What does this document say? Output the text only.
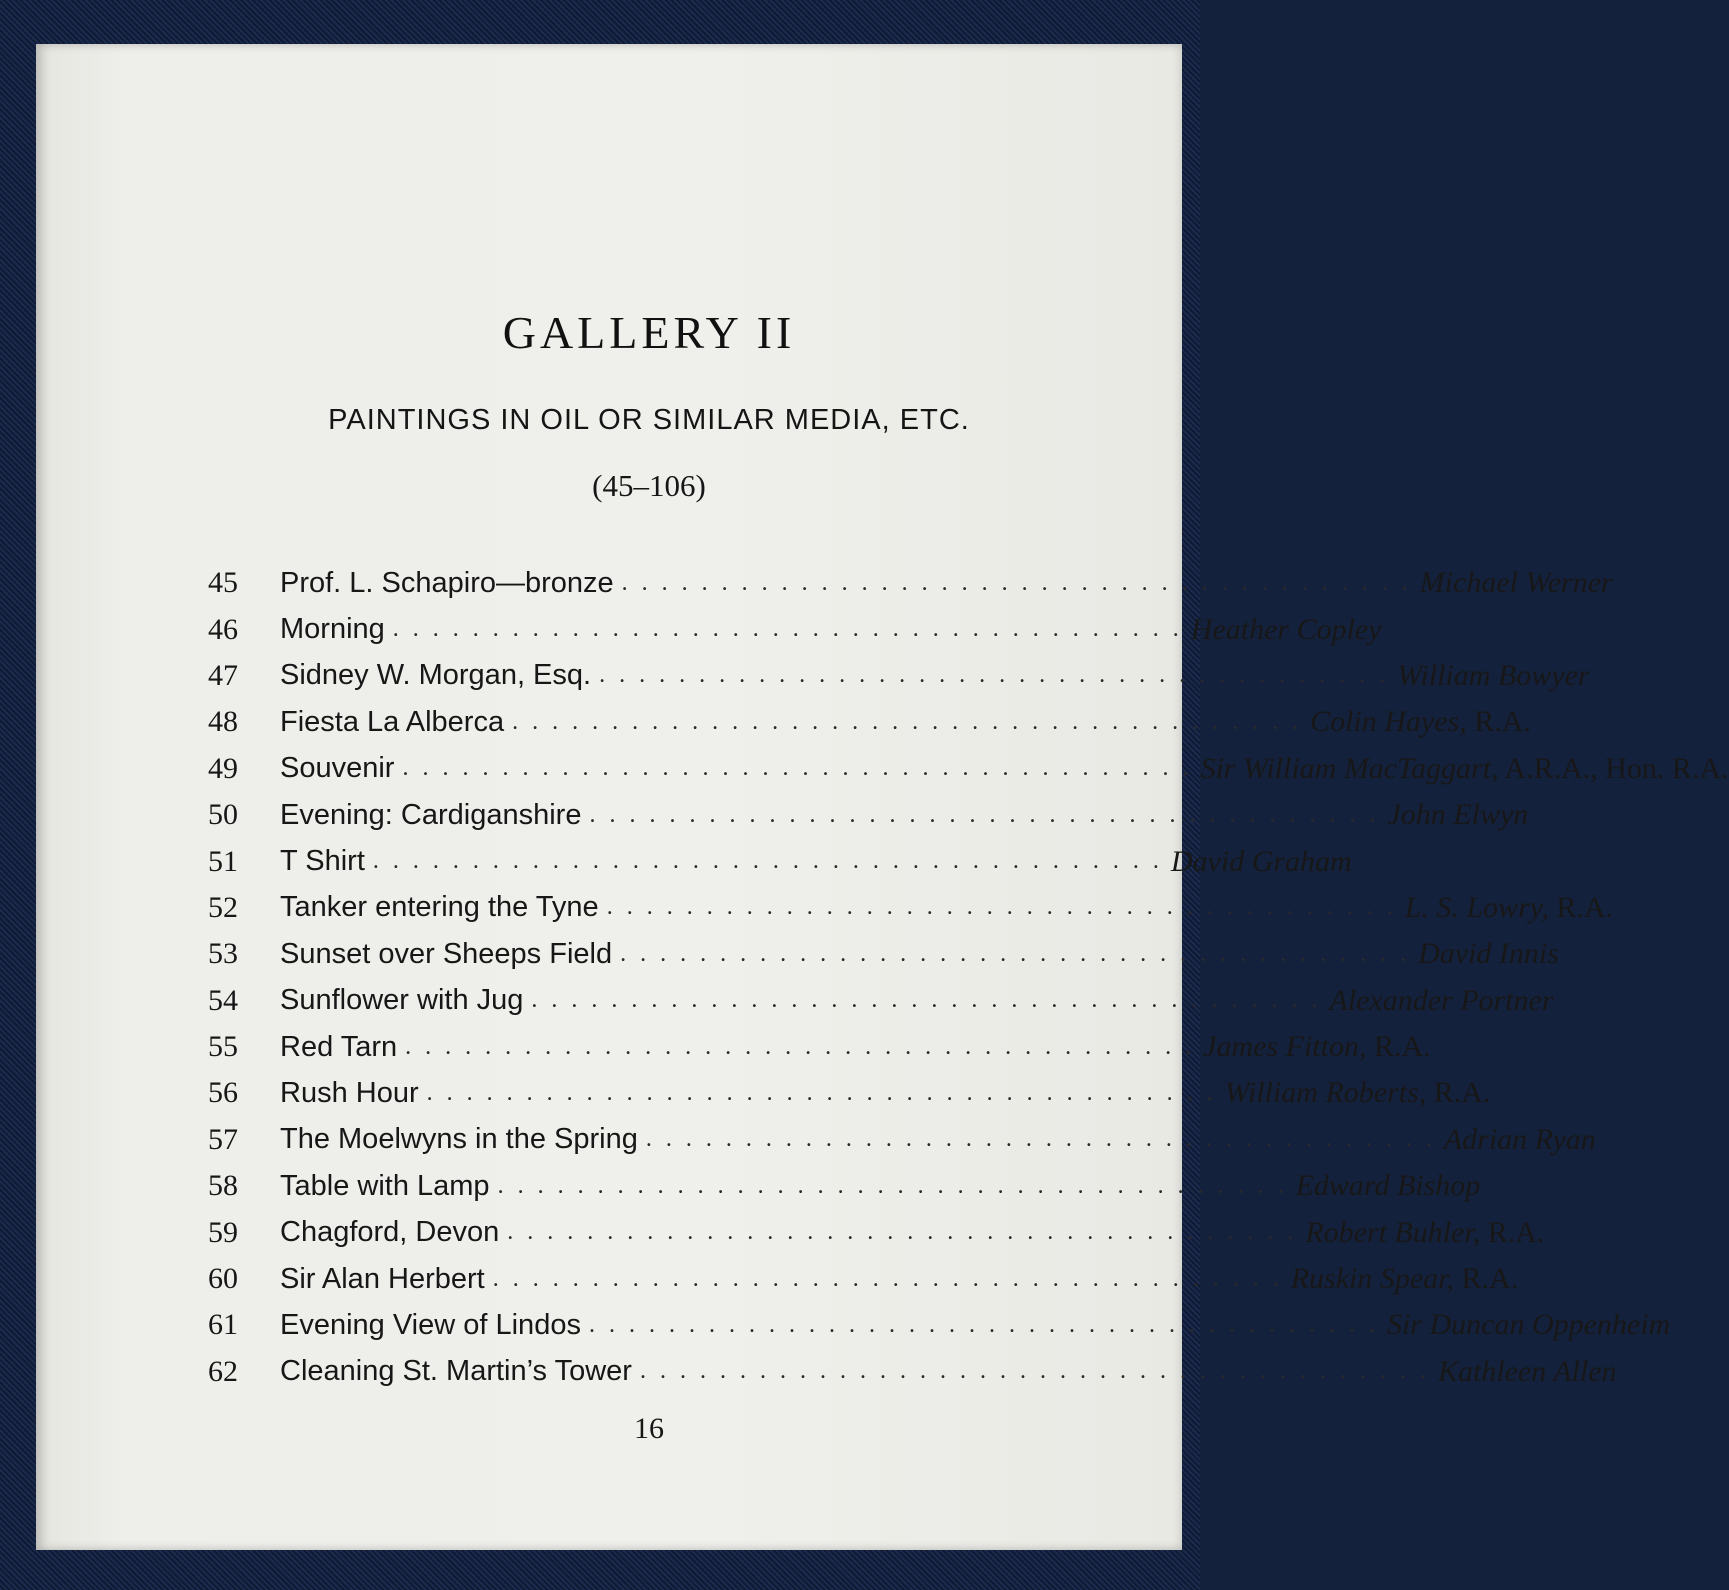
GALLERY II
PAINTINGS IN OIL OR SIMILAR MEDIA, ETC.
(45–106)
45	Prof. L. Schapiro—bronze . . . . . . . . . . . . . . . . . . . . . . . . . . . . . . . . . . . . . . . . Michael Werner
46	Morning . . . . . . . . . . . . . . . . . . . . . . . . . . . . . . . . . . . . . . . . Heather Copley
47	Sidney W. Morgan, Esq. . . . . . . . . . . . . . . . . . . . . . . . . . . . . . . . . . . . . . . . . William Bowyer
48	Fiesta La Alberca . . . . . . . . . . . . . . . . . . . . . . . . . . . . . . . . . . . . . . . . Colin Hayes, R.A.
49	Souvenir . . . . . . . . . . . . . . . . . . . . . . . . . . . . . . . . . . . . . . . . Sir William MacTaggart, A.R.A., Hon. R.A.
50	Evening: Cardiganshire . . . . . . . . . . . . . . . . . . . . . . . . . . . . . . . . . . . . . . . . John Elwyn
51	T Shirt . . . . . . . . . . . . . . . . . . . . . . . . . . . . . . . . . . . . . . . . David Graham
52	Tanker entering the Tyne . . . . . . . . . . . . . . . . . . . . . . . . . . . . . . . . . . . . . . . . L. S. Lowry, R.A.
53	Sunset over Sheeps Field . . . . . . . . . . . . . . . . . . . . . . . . . . . . . . . . . . . . . . . . David Innis
54	Sunflower with Jug . . . . . . . . . . . . . . . . . . . . . . . . . . . . . . . . . . . . . . . . Alexander Portner
55	Red Tarn . . . . . . . . . . . . . . . . . . . . . . . . . . . . . . . . . . . . . . . . James Fitton, R.A.
56	Rush Hour . . . . . . . . . . . . . . . . . . . . . . . . . . . . . . . . . . . . . . . . William Roberts, R.A.
57	The Moelwyns in the Spring . . . . . . . . . . . . . . . . . . . . . . . . . . . . . . . . . . . . . . . . Adrian Ryan
58	Table with Lamp . . . . . . . . . . . . . . . . . . . . . . . . . . . . . . . . . . . . . . . . Edward Bishop
59	Chagford, Devon . . . . . . . . . . . . . . . . . . . . . . . . . . . . . . . . . . . . . . . . Robert Buhler, R.A.
60	Sir Alan Herbert . . . . . . . . . . . . . . . . . . . . . . . . . . . . . . . . . . . . . . . . Ruskin Spear, R.A.
61	Evening View of Lindos . . . . . . . . . . . . . . . . . . . . . . . . . . . . . . . . . . . . . . . . Sir Duncan Oppenheim
62	Cleaning St. Martin’s Tower . . . . . . . . . . . . . . . . . . . . . . . . . . . . . . . . . . . . . . . . Kathleen Allen
16
